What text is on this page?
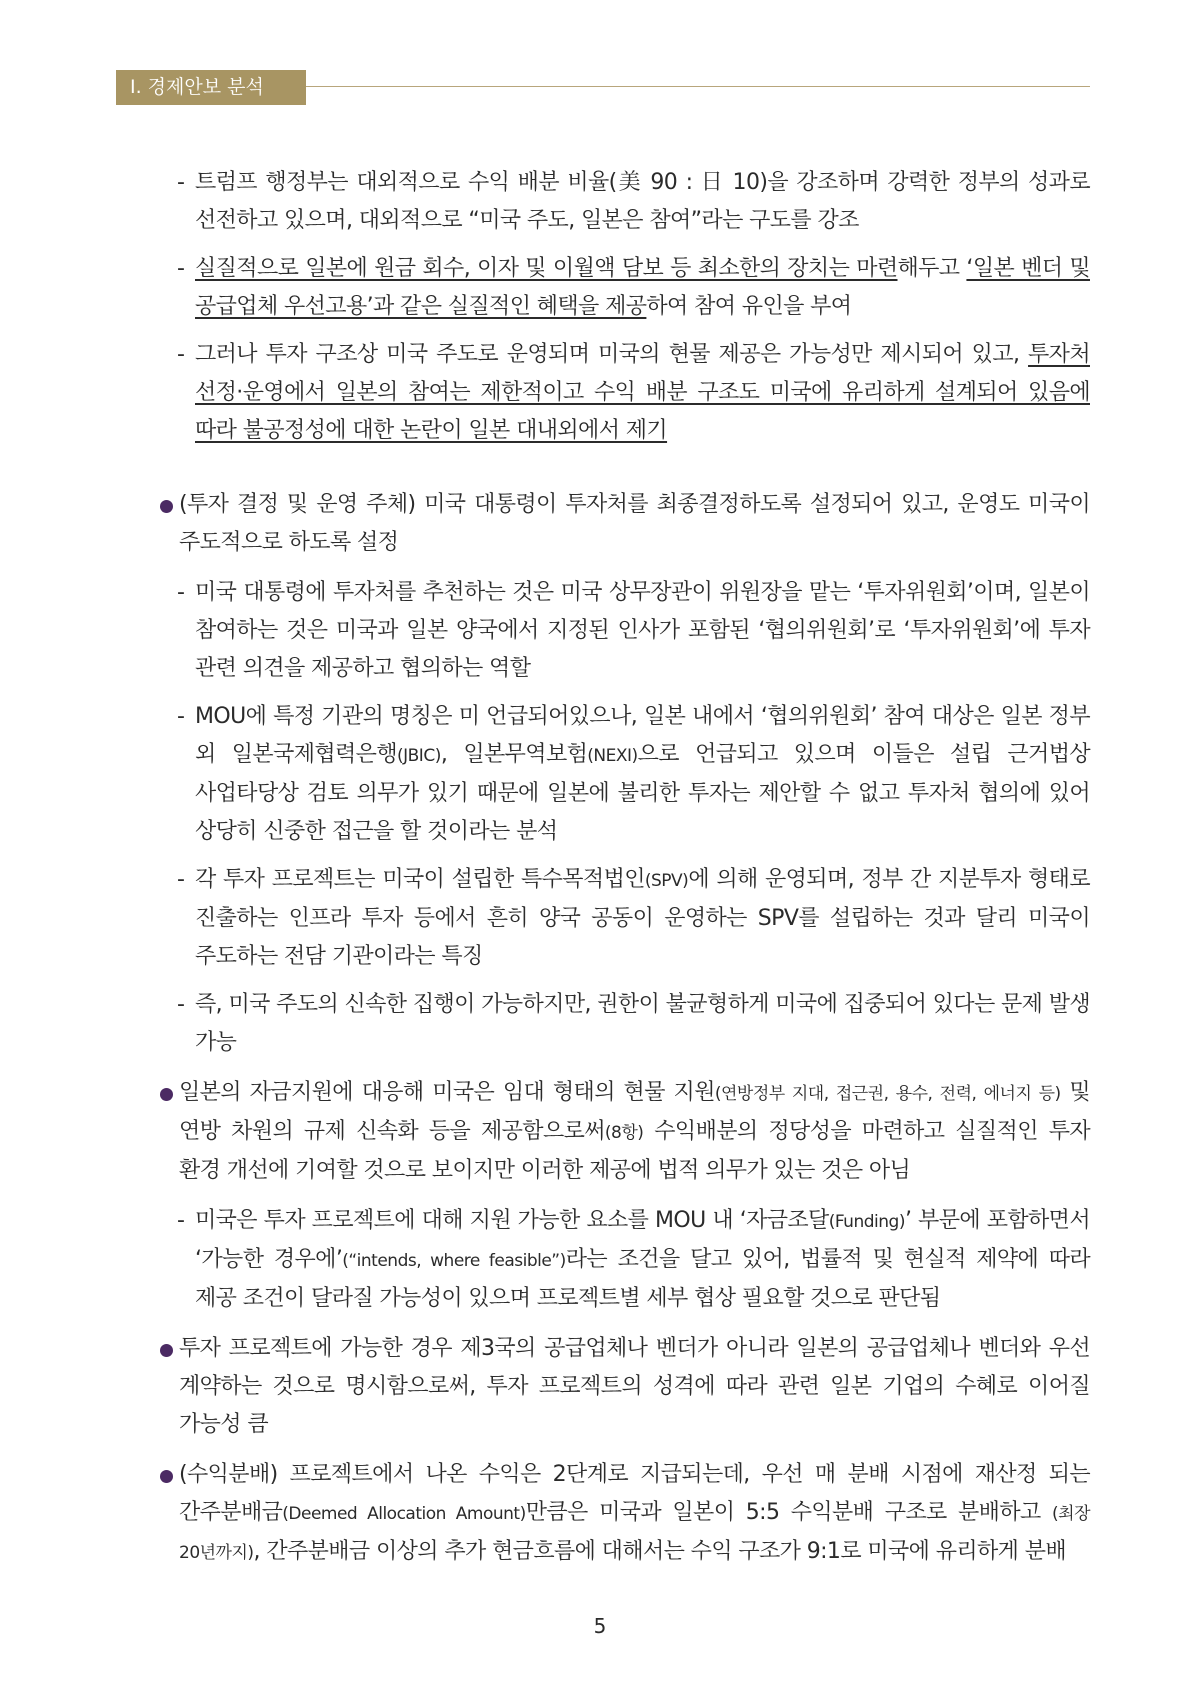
Ⅰ. 경제안보 분석
- 트럼프 행정부는 대외적으로 수익 배분 비율(美 90 : 日 10)을 강조하며 강력한 정부의 성과로 선전하고 있으며, 대외적으로 “미국 주도, 일본은 참여”라는 구도를 강조
- 실질적으로 일본에 원금 회수, 이자 및 이월액 담보 등 최소한의 장치는 마련해두고 ‘일본 벤더 및 공급업체 우선고용’과 같은 실질적인 혜택을 제공하여 참여 유인을 부여
- 그러나 투자 구조상 미국 주도로 운영되며 미국의 현물 제공은 가능성만 제시되어 있고, 투자처 선정·운영에서 일본의 참여는 제한적이고 수익 배분 구조도 미국에 유리하게 설계되어 있음에 따라 불공정성에 대한 논란이 일본 대내외에서 제기
(투자 결정 및 운영 주체) 미국 대통령이 투자처를 최종결정하도록 설정되어 있고, 운영도 미국이 주도적으로 하도록 설정
- 미국 대통령에 투자처를 추천하는 것은 미국 상무장관이 위원장을 맡는 ‘투자위원회’이며, 일본이 참여하는 것은 미국과 일본 양국에서 지정된 인사가 포함된 ‘협의위원회’로 ‘투자위원회’에 투자 관련 의견을 제공하고 협의하는 역할
- MOU에 특정 기관의 명칭은 미 언급되어있으나, 일본 내에서 ‘협의위원회’ 참여 대상은 일본 정부 외 일본국제협력은행(JBIC), 일본무역보험(NEXI)으로 언급되고 있으며 이들은 설립 근거법상 사업타당상 검토 의무가 있기 때문에 일본에 불리한 투자는 제안할 수 없고 투자처 협의에 있어 상당히 신중한 접근을 할 것이라는 분석
- 각 투자 프로젝트는 미국이 설립한 특수목적법인(SPV)에 의해 운영되며, 정부 간 지분투자 형태로 진출하는 인프라 투자 등에서 흔히 양국 공동이 운영하는 SPV를 설립하는 것과 달리 미국이 주도하는 전담 기관이라는 특징
- 즉, 미국 주도의 신속한 집행이 가능하지만, 권한이 불균형하게 미국에 집중되어 있다는 문제 발생 가능
일본의 자금지원에 대응해 미국은 임대 형태의 현물 지원(연방정부 지대, 접근권, 용수, 전력, 에너지 등) 및 연방 차원의 규제 신속화 등을 제공함으로써(8항) 수익배분의 정당성을 마련하고 실질적인 투자 환경 개선에 기여할 것으로 보이지만 이러한 제공에 법적 의무가 있는 것은 아님
- 미국은 투자 프로젝트에 대해 지원 가능한 요소를 MOU 내 ‘자금조달(Funding)’ 부문에 포함하면서 ‘가능한 경우에’(“intends, where feasible”)라는 조건을 달고 있어, 법률적 및 현실적 제약에 따라 제공 조건이 달라질 가능성이 있으며 프로젝트별 세부 협상 필요할 것으로 판단됨
투자 프로젝트에 가능한 경우 제3국의 공급업체나 벤더가 아니라 일본의 공급업체나 벤더와 우선 계약하는 것으로 명시함으로써, 투자 프로젝트의 성격에 따라 관련 일본 기업의 수혜로 이어질 가능성 큼
(수익분배) 프로젝트에서 나온 수익은 2단계로 지급되는데, 우선 매 분배 시점에 재산정 되는 간주분배금(Deemed Allocation Amount)만큼은 미국과 일본이 5:5 수익분배 구조로 분배하고 (최장 20년까지), 간주분배금 이상의 추가 현금흐름에 대해서는 수익 구조가 9:1로 미국에 유리하게 분배
5
